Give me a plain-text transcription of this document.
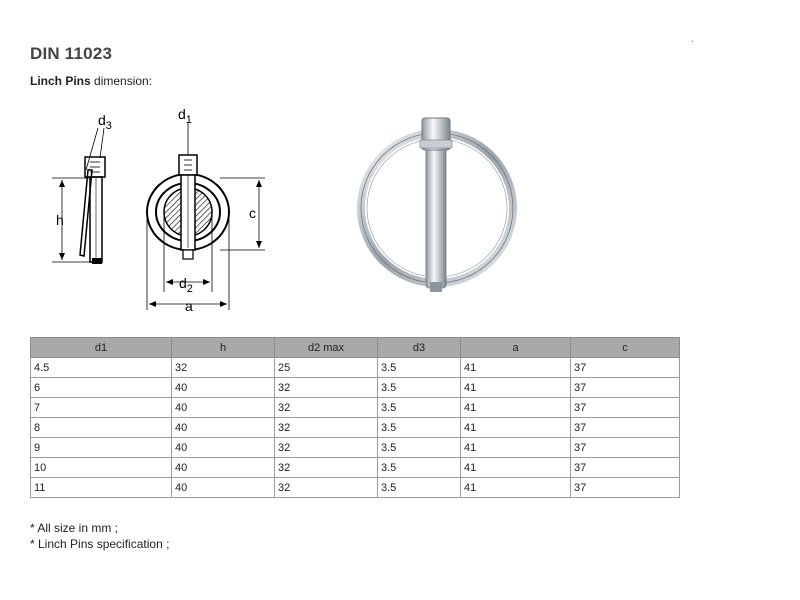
DIN 11023
Linch Pins dimension:
´
$d_3$
$d_1$
h	c
$d_2$
a
d1	h	d2 max	d3	a	c
4.5	32	25	3.5	41	37
6	40	32	3.5	41	37
7	40	32	3.5	41	37
8	40	32	3.5	41	37
9	40	32	3.5	41	37
10	40	32	3.5	41	37
11	40	32	3.5	41	37
* All size in mm ;
* Linch Pins specification ;
